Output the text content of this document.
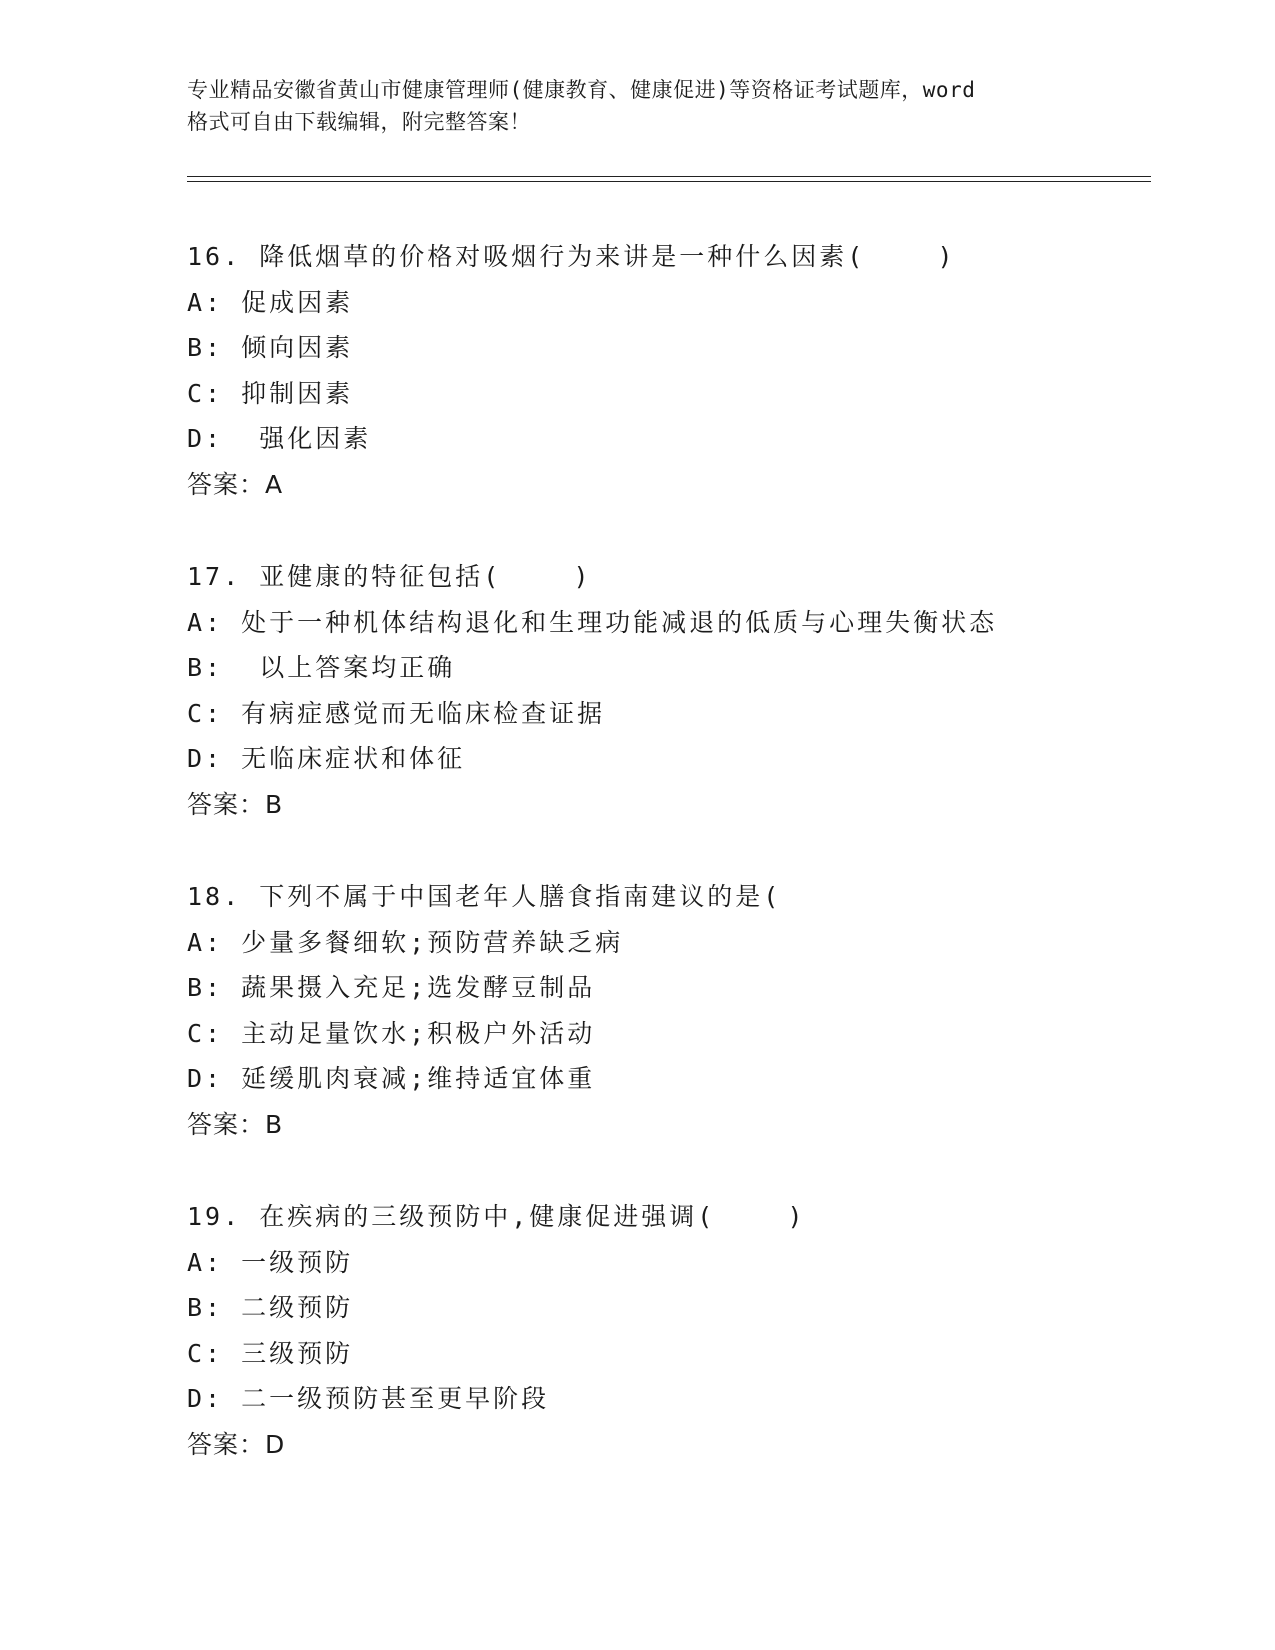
专业精品安徽省黄山市健康管理师(健康教育、健康促进)等资格证考试题库，word
格式可自由下载编辑，附完整答案！
16. 降低烟草的价格对吸烟行为来讲是一种什么因素(    )
A: 促成因素
B: 倾向因素
C: 抑制因素
D:  强化因素
答案：A
17. 亚健康的特征包括(    )
A: 处于一种机体结构退化和生理功能减退的低质与心理失衡状态
B:  以上答案均正确
C: 有病症感觉而无临床检查证据
D: 无临床症状和体征
答案：B
18. 下列不属于中国老年人膳食指南建议的是(
A: 少量多餐细软;预防营养缺乏病
B: 蔬果摄入充足;选发酵豆制品
C: 主动足量饮水;积极户外活动
D: 延缓肌肉衰减;维持适宜体重
答案：B
19. 在疾病的三级预防中,健康促进强调(    )
A: 一级预防
B: 二级预防
C: 三级预防
D: 二一级预防甚至更早阶段
答案：D
